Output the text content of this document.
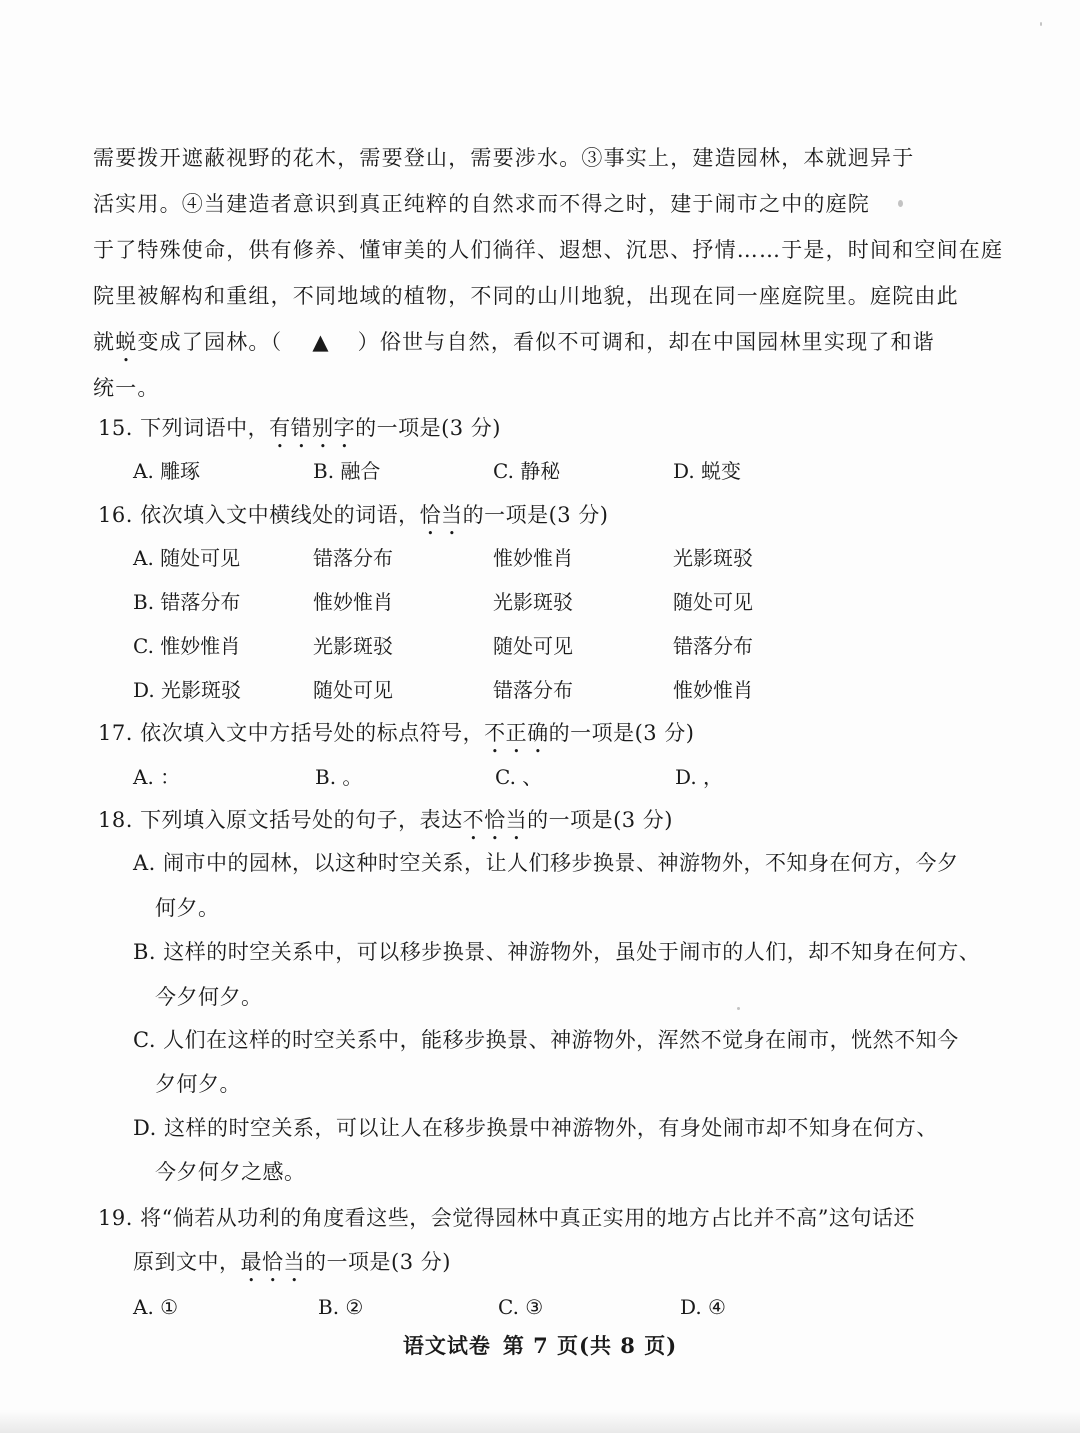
需要拨开遮蔽视野的花木，需要登山，需要涉水。③事实上，建造园林，本就迥异于
活实用。④当建造者意识到真正纯粹的自然求而不得之时，建于闹市之中的庭院
于了特殊使命，供有修养、懂审美的人们徜徉、遐想、沉思、抒情……于是，时间和空间在庭
院里被解构和重组，不同地域的植物，不同的山川地貌，出现在同一座庭院里。庭院由此
就蜕变成了园林。（ ▲ ）俗世与自然，看似不可调和，却在中国园林里实现了和谐
统一。
15. 下列词语中，有错别字的一项是(3 分)
A. 雕琢	B. 融合	C. 静秘	D. 蜕变
16. 依次填入文中横线处的词语，恰当的一项是(3 分)
A. 随处可见	错落分布	惟妙惟肖	光影斑驳
B. 错落分布	惟妙惟肖	光影斑驳	随处可见
C. 惟妙惟肖	光影斑驳	随处可见	错落分布
D. 光影斑驳	随处可见	错落分布	惟妙惟肖
17. 依次填入文中方括号处的标点符号，不正确的一项是(3 分)
A. ：	B. 。	C. 、	D. ，
18. 下列填入原文括号处的句子，表达不恰当的一项是(3 分)
A. 闹市中的园林，以这种时空关系，让人们移步换景、神游物外，不知身在何方，今夕
何夕。
B. 这样的时空关系中，可以移步换景、神游物外，虽处于闹市的人们，却不知身在何方、
今夕何夕。
C. 人们在这样的时空关系中，能移步换景、神游物外，浑然不觉身在闹市，恍然不知今
夕何夕。
D. 这样的时空关系，可以让人在移步换景中神游物外，有身处闹市却不知身在何方、
今夕何夕之感。
19. 将“倘若从功利的角度看这些，会觉得园林中真正实用的地方占比并不高”这句话还
原到文中，最恰当的一项是(3 分)
A. ①	B. ②	C. ③	D. ④
语文试卷 第 7 页(共 8 页)
